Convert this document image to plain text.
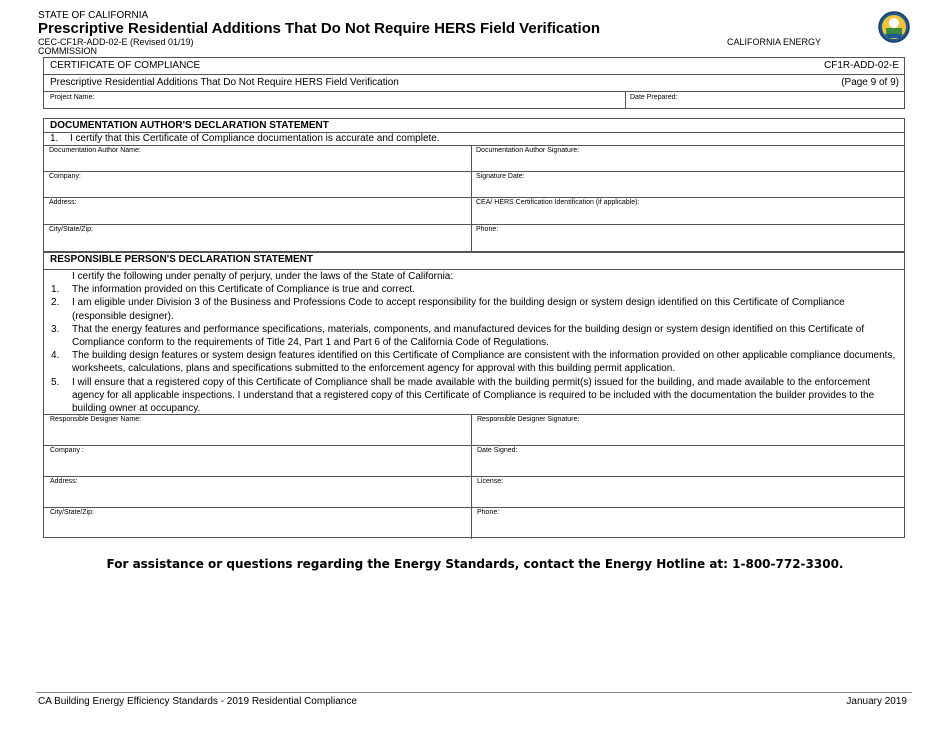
STATE OF CALIFORNIA
Prescriptive Residential Additions That Do Not Require HERS Field Verification
CEC-CF1R-ADD-02-E (Revised 01/19)
COMMISSION
CALIFORNIA ENERGY
CERTIFICATE OF COMPLIANCE	CF1R-ADD-02-E
Prescriptive Residential Additions That Do Not Require HERS Field Verification	(Page 9 of 9)
Project Name:	Date Prepared:
DOCUMENTATION AUTHOR'S DECLARATION STATEMENT
1. I certify that this Certificate of Compliance documentation is accurate and complete.
Documentation Author Name:	Documentation Author Signature:
Company:	Signature Date:
Address:	CEA/ HERS Certification Identification (if applicable):
City/State/Zip:	Phone:
RESPONSIBLE PERSON'S DECLARATION STATEMENT
I certify the following under penalty of perjury, under the laws of the State of California:
1. The information provided on this Certificate of Compliance is true and correct.
2. I am eligible under Division 3 of the Business and Professions Code to accept responsibility for the building design or system design identified on this Certificate of Compliance (responsible designer).
3. That the energy features and performance specifications, materials, components, and manufactured devices for the building design or system design identified on this Certificate of Compliance conform to the requirements of Title 24, Part 1 and Part 6 of the California Code of Regulations.
4. The building design features or system design features identified on this Certificate of Compliance are consistent with the information provided on other applicable compliance documents, worksheets, calculations, plans and specifications submitted to the enforcement agency for approval with this building permit application.
5. I will ensure that a registered copy of this Certificate of Compliance shall be made available with the building permit(s) issued for the building, and made available to the enforcement agency for all applicable inspections. I understand that a registered copy of this Certificate of Compliance is required to be included with the documentation the builder provides to the building owner at occupancy.
Responsible Designer Name:	Responsible Designer Signature:
Company :	Date Signed:
Address:	License:
City/State/Zip:	Phone:
For assistance or questions regarding the Energy Standards, contact the Energy Hotline at: 1-800-772-3300.
CA Building Energy Efficiency Standards - 2019 Residential Compliance	January 2019
